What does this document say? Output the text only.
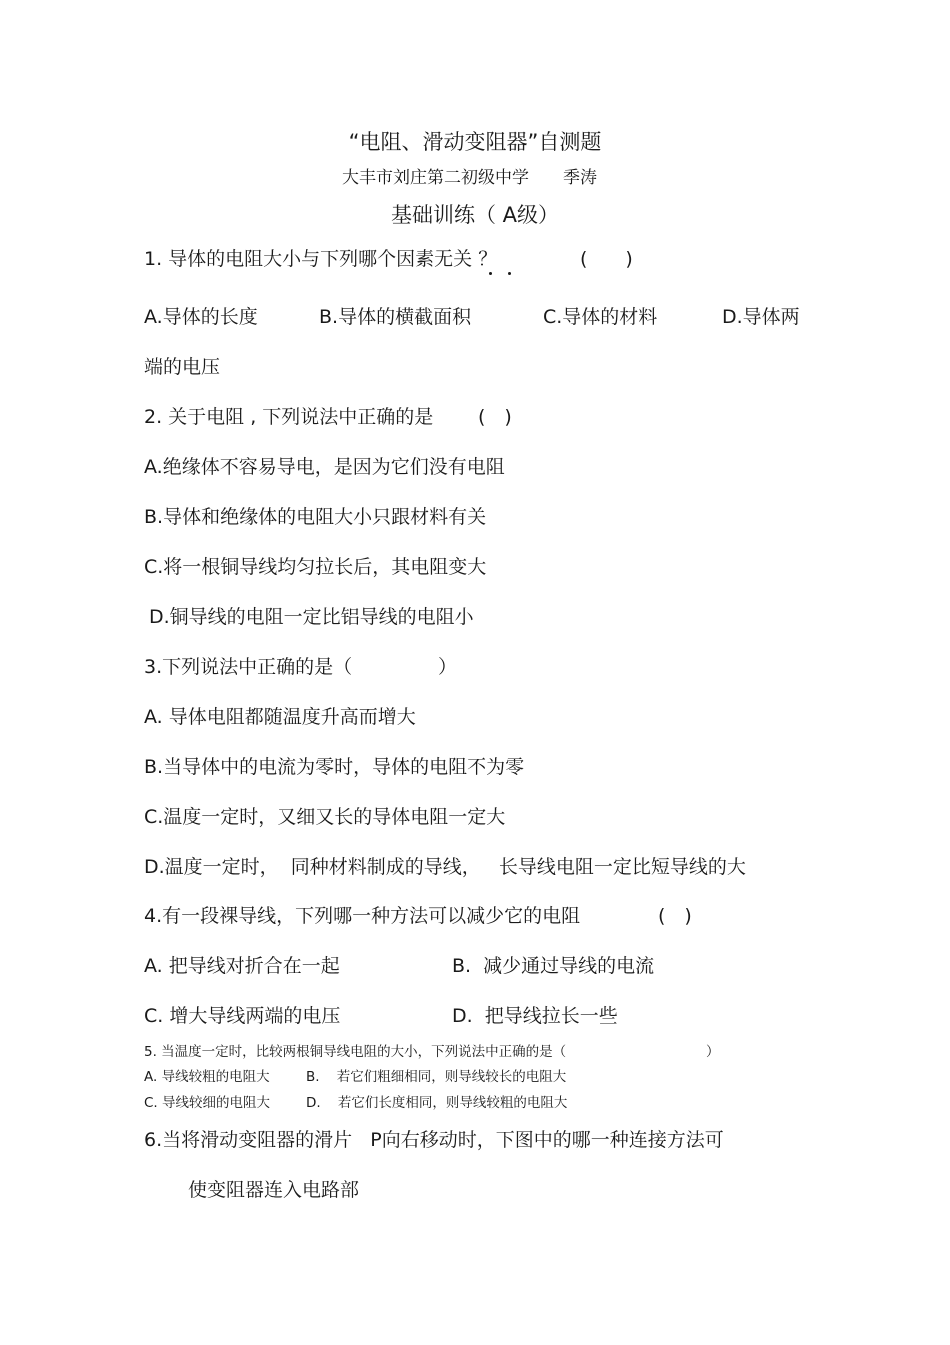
“电阻、滑动变阻器”自测题
大丰市刘庄第二初级中学 季涛
基础训练（ A级）
1. 导体的电阻大小与下列哪个因素无关 ？	(　　)
A.导体的长度	B.导体的横截面积	C.导体的材料	D.导体两
端的电压
2. 关于电阻 , 下列说法中正确的是 (　)
A.绝缘体不容易导电，是因为它们没有电阻
B.导体和绝缘体的电阻大小只跟材料有关
C.将一根铜导线均匀拉长后，其电阻变大
D.铜导线的电阻一定比铝导线的电阻小
3.下列说法中正确的是（	）
A. 导体电阻都随温度升高而增大
B.当导体中的电流为零时，导体的电阻不为零
C.温度一定时，又细又长的导体电阻一定大
D.温度一定时，  同种材料制成的导线，   长导线电阻一定比短导线的大
4.有一段裸导线，下列哪一种方法可以减少它的电阻	(　)
A. 把导线对折合在一起	B.  减少通过导线的电流
C. 增大导线两端的电压	D.  把导线拉长一些
5. 当温度一定时，比较两根铜导线电阻的大小，下列说法中正确的是（	）
A. 导线较粗的电阻大	B.    若它们粗细相同，则导线较长的电阻大
C. 导线较细的电阻大	D.    若它们长度相同，则导线较粗的电阻大
6.当将滑动变阻器的滑片   P向右移动时，下图中的哪一种连接方法可
使变阻器连入电路部
